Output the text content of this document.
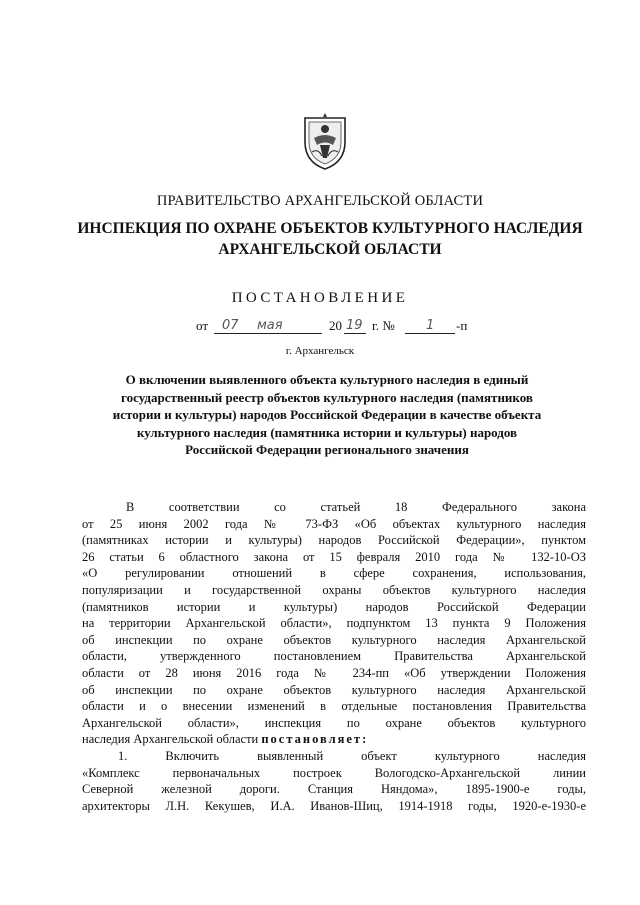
ПРАВИТЕЛЬСТВО АРХАНГЕЛЬСКОЙ ОБЛАСТИ
ИНСПЕКЦИЯ ПО ОХРАНЕ ОБЪЕКТОВ КУЛЬТУРНОГО НАСЛЕДИЯ
АРХАНГЕЛЬСКОЙ ОБЛАСТИ
ПОСТАНОВЛЕНИЕ
от 07 мая	20 19 г. № 1 -п
г. Архангельск
О включении выявленного объекта культурного наследия в единый
государственный реестр объектов культурного наследия (памятников
истории и культуры) народов Российской Федерации в качестве объекта
культурного наследия (памятника истории и культуры) народов
Российской Федерации регионального значения

В соответствии со статьей 18 Федерального закона

от 25 июня 2002 года № 73-ФЗ «Об объектах культурного наследия

(памятниках истории и культуры) народов Российской Федерации», пунктом

26 статьи 6 областного закона от 15 февраля 2010 года № 132-10-ОЗ

«О регулировании отношений в сфере сохранения, использования,

популяризации и государственной охраны объектов культурного наследия

(памятников истории и культуры) народов Российской Федерации

на территории Архангельской области», подпунктом 13 пункта 9 Положения

об инспекции по охране объектов культурного наследия Архангельской

области, утвержденного постановлением Правительства Архангельской

области от 28 июня 2016 года № 234-пп «Об утверждении Положения

об инспекции по охране объектов культурного наследия Архангельской

области и о внесении изменений в отдельные постановления Правительства

Архангельской области», инспекция по охране объектов культурного

наследия Архангельской области постановляет:

1. Включить выявленный объект культурного наследия

«Комплекс первоначальных построек Вологодско-Архангельской линии

Северной железной дороги. Станция Няндома», 1895-1900-е годы,

архитекторы Л.Н. Кекушев, И.А. Иванов-Шиц, 1914-1918 годы, 1920-е-1930-е
